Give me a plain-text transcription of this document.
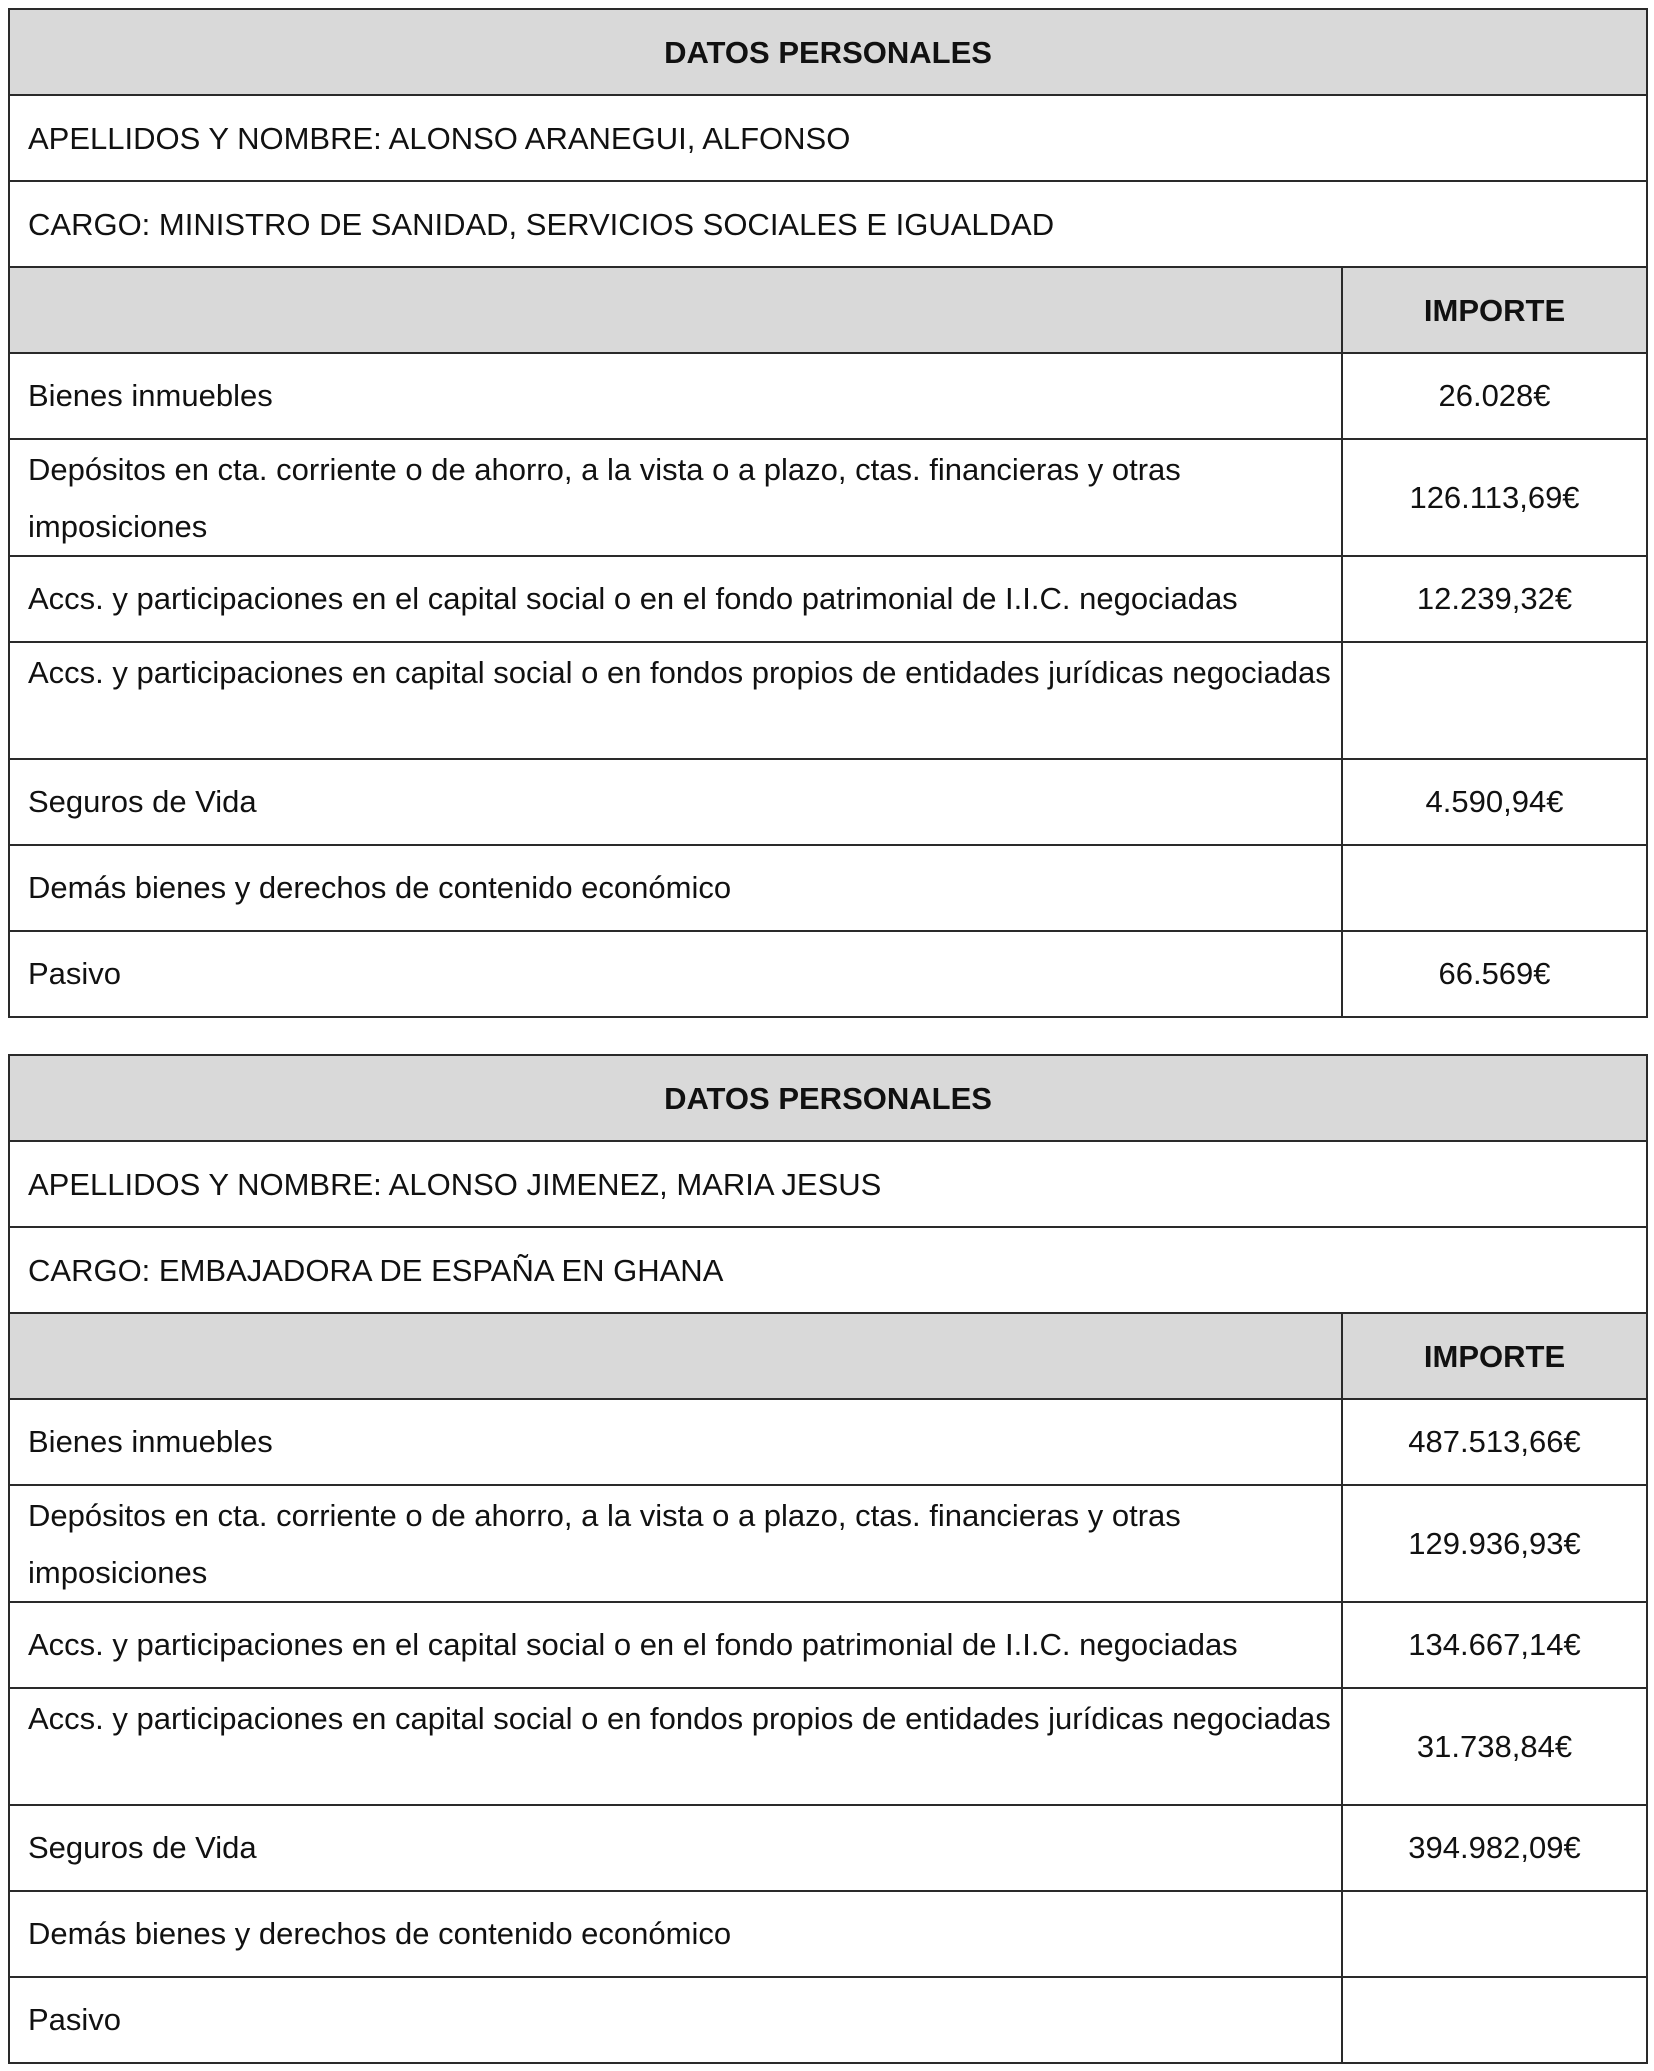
DATOS PERSONALES	
APELLIDOS Y NOMBRE: ALONSO ARANEGUI, ALFONSO	
CARGO: MINISTRO DE SANIDAD, SERVICIOS SOCIALES E IGUALDAD	
	IMPORTE
Bienes inmuebles	26.028€
Depósitos en cta. corriente o de ahorro, a la vista o a plazo, ctas. financieras y otras imposiciones	126.113,69€
Accs. y participaciones en el capital social o en el fondo patrimonial de I.I.C. negociadas	12.239,32€
Accs. y participaciones en capital social o en fondos propios de entidades jurídicas negociadas	
Seguros de Vida	4.590,94€
Demás bienes y derechos de contenido económico	
Pasivo	66.569€
DATOS PERSONALES	
APELLIDOS Y NOMBRE: ALONSO JIMENEZ, MARIA JESUS	
CARGO: EMBAJADORA DE ESPAÑA EN GHANA	
	IMPORTE
Bienes inmuebles	487.513,66€
Depósitos en cta. corriente o de ahorro, a la vista o a plazo, ctas. financieras y otras imposiciones	129.936,93€
Accs. y participaciones en el capital social o en el fondo patrimonial de I.I.C. negociadas	134.667,14€
Accs. y participaciones en capital social o en fondos propios de entidades jurídicas negociadas	31.738,84€
Seguros de Vida	394.982,09€
Demás bienes y derechos de contenido económico	
Pasivo	
